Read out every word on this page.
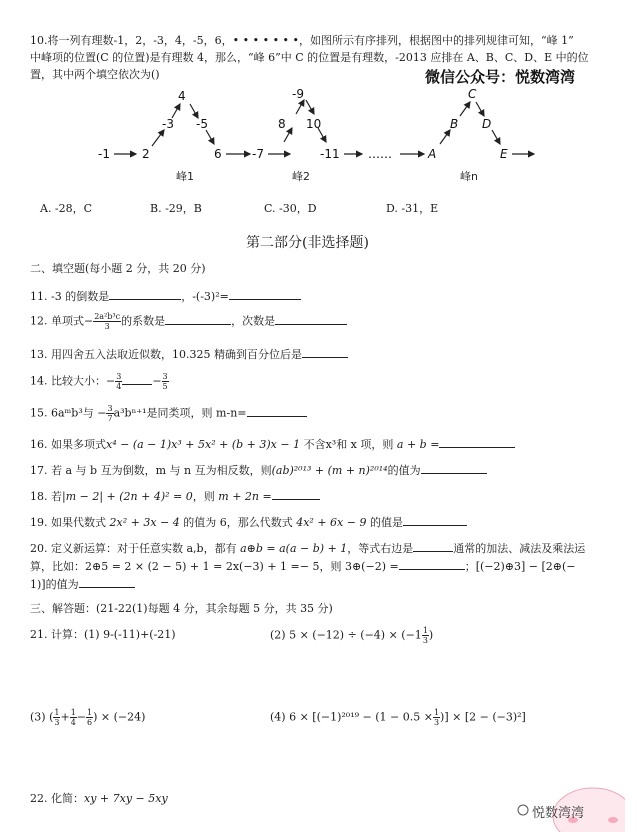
10.将一列有理数-1，2，-3，4，-5，6，• • • • • • •，如图所示有序排列，根据图中的排列规律可知，“峰 1”
中峰项的位置(C 的位置)是有理数 4，那么，“峰 6”中 C 的位置是有理数，-2013 应排在 A、B、C、D、E 中的位
置，其中两个填空依次为()	微信公众号：悦数湾湾
-1	2
-3
4
-5
6	-7
8
-9
10
-11 ……	A
B
C
D
E
峰1	峰2	峰n
A. -28，C	B. -29，B	C. -30，D	D. -31，E
第二部分(非选择题)
二、填空题(每小题 2 分，共 20 分)
11. -3 的倒数是	，-(-3)²=
12. 单项式− $\frac{\text{2a²b³c}}{3}$ 的系数是	，次数是
13. 用四舍五入法取近似数，10.325 精确到百分位后是
14. 比较大小：− $\frac{3}{4}$	− $\frac{3}{5}$
15. 6aᵐb³与 − $\frac{3}{7} a^3b^{n+1}$是同类项，则 m-n=
16. 如果多项式x⁴ − (a − 1)x³ + 5x² + (b + 3)x − 1 不含x³和 x 项，则 a + b =
17. 若 a 与 b 互为倒数，m 与 n 互为相反数，则(ab)²⁰¹³ + (m + n)²⁰¹⁴的值为
18. 若|m − 2| + (2n + 4)² = 0，则 m + 2n =
19. 如果代数式 2x² + 3x − 4 的值为 6，那么代数式 4x² + 6x − 9 的值是
20. 定义新运算：对于任意实数 a,b，都有 a⊕b = a(a − b) + 1，等式右边是	通常的加法、减法及乘法运
算，比如：2⊕5 = 2 × (2 − 5) + 1 = 2x(−3) + 1 =− 5，则 3⊕(−2) =	；[(−2)⊕3] − [2⊕(−
1)]的值为
三、解答题：(21-22(1)每题 4 分，其余每题 5 分，共 35 分)
21. 计算：(1) 9-(-11)+(-21)	(2) $5 \times (-12) \div (-4) \times (-1 \frac{1}{3}$ )
(3) ( $\frac{1}{3} + \frac{1}{4} - \frac{1}{6}$ ) × (−24)	(4) $6 \times [(-1)^{2019} - (1 - 0.5 \times \frac{1}{3}$ )] × [2 − (−3)²]
22. 化简：xy + 7xy − 5xy
悦数湾湾
